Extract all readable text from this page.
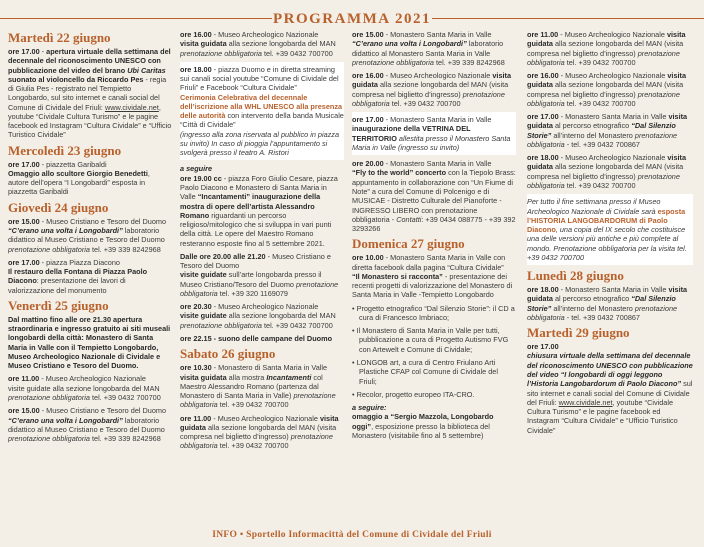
PROGRAMMA 2021
Martedì 22 giugno
ore 17.00 - apertura virtuale della settimana del decennale del riconoscimento UNESCO con pubblicazione del video del brano Ubi Caritas suonato al violoncello da Riccardo Pes - regia di Giulia Pes - registrato nel Tempietto Longobardo, sul sito internet e canali social del Comune di Cividale del Friuli: www.cividale.net, youtube “Cividale Cultura Turismo” e le pagine facebook ed Instagram “Cultura Cividale” e “Ufficio Turistico Cividale”
Mercoledì 23 giugno
ore 17.00 - piazzetta Garibaldi
Omaggio allo scultore Giorgio Benedetti, autore dell’opera “I Longobardi” esposta in piazzetta Garibaldi
Giovedì 24 giugno
ore 15.00 - Museo Cristiano e Tesoro del Duomo
“C’erano una volta i Longobardi” laboratorio didattico al Museo Cristiano e Tesoro del Duomo prenotazione obbligatoria tel. +39 339 8242968
ore 17.00 - piazza Piazza Diacono
Il restauro della Fontana di Piazza Paolo Diacono: presentazione dei lavori di valorizzazione del monumento
Venerdì 25 giugno
Dal mattino fino alle ore 21.30 apertura straordinaria e ingresso gratuito ai siti museali longobardi della città: Monastero di Santa Maria in Valle con il Tempietto Longobardo, Museo Archeologico Nazionale di Cividale e Museo Cristiano e Tesoro del Duomo.
ore 11.00 - Museo Archeologico Nazionale
visite guidate alla sezione longobarda del MAN prenotazione obbligatoria tel. +39 0432 700700
ore 15.00 - Museo Cristiano e Tesoro del Duomo
“C’erano una volta i Longobardi” laboratorio didattico al Museo Cristiano e Tesoro del Duomo prenotazione obbligatoria tel. +39 339 8242968
ore 16.00 - Museo Archeologico Nazionale
visita guidata alla sezione longobarda del MAN prenotazione obbligatoria tel. +39 0432 700700
ore 18.00 - piazza Duomo e in diretta streaming sui canali social youtube “Comune di Cividale del Friuli” e Facebook “Cultura Cividale”
Cerimonia Celebrativa del decennale dell’iscrizione alla WHL UNESCO alla presenza delle autorità con intervento della banda Musicale “Città di Cividale”
(ingresso alla zona riservata al pubblico in piazza su invito) In caso di pioggia l’appuntamento si svolgerà presso il teatro A. Ristori
a seguire
ore 19.00 cc - piazza Foro Giulio Cesare, piazza Paolo Diacono e Monastero di Santa Maria in Valle “Incantamenti” inaugurazione della mostra di opere dell’artista Alessandro Romano riguardanti un percorso religioso/mitologico che si sviluppa in vari punti della città. Le opere del Maestro Romano resteranno esposte fino al 5 settembre 2021.
Dalle ore 20.00 alle 21.20 - Museo Cristiano e Tesoro del Duomo
visite guidate sull’arte longobarda presso il Museo Cristiano/Tesoro del Duomo prenotazione obbligatoria tel. +39 320 1169079
ore 20.30 - Museo Archeologico Nazionale
visite guidate alla sezione longobarda del MAN prenotazione obbligatoria tel. +39 0432 700700
ore 22.15 - suono delle campane del Duomo
Sabato 26 giugno
ore 10.30 - Monastero di Santa Maria in Valle visita guidata alla mostra Incantamenti col Maestro Alessandro Romano (partenza dal Monastero di Santa Maria in Valle) prenotazione obbligatoria tel. +39 0432 700700
ore 11.00 - Museo Archeologico Nazionale visita guidata alla sezione longobarda del MAN (visita compresa nel biglietto d’ingresso) prenotazione obbligatoria tel. +39 0432 700700
ore 15.00 - Monastero Santa Maria in Valle
“C’erano una volta i Longobardi” laboratorio didattico al Monastero Santa Maria in Valle prenotazione obbligatoria tel. +39 339 8242968
ore 16.00 - Museo Archeologico Nazionale visita guidata alla sezione longobarda del MAN (visita compresa nel biglietto d’ingresso) prenotazione obbligatoria tel. +39 0432 700700
ore 17.00 - Monastero Santa Maria in Valle
inaugurazione della VETRINA DEL TERRITORIO allestita presso il Monastero Santa Maria in Valle (ingresso su invito)
ore 20.00 - Monastero Santa Maria in Valle
“Fly to the world” concerto con la Tiepolo Brass: appuntamento in collaborazione con “Un Fiume di Note” a cura del Comune di Polcenigo e di MUSICAE - Distretto Culturale del Pianoforte - INGRESSO LIBERO con prenotazione obbligatoria - Contatti: +39 0434 088775 - +39 392 3293266
Domenica 27 giugno
ore 10.00 - Monastero Santa Maria in Valle con diretta facebook dalla pagina “Cultura Cividale”
“Il Monastero si racconta” - presentazione dei recenti progetti di valorizzazione del Monastero di Santa Maria in Valle -Tempietto Longobardo
• Progetto etnografico “Dal Silenzio Storie”: il CD a cura di Francesco Imbriaco;
• Il Monastero di Santa Maria in Valle per tutti, pubblicazione a cura di Progetto Autismo FVG con Artewelt e Comune di Cividale;
• LONGOB art, a cura di Centro Friulano Arti Plastiche CFAP col Comune di Cividale del Friuli;
• Recolor, progetto europeo ITA-CRO.
a seguire:
omaggio a “Sergio Mazzola, Longobardo oggi”, esposizione presso la biblioteca del Monastero (visitabile fino al 5 settembre)
ore 11.00 - Museo Archeologico Nazionale visita guidata alla sezione longobarda del MAN (visita compresa nel biglietto d’ingresso) prenotazione obbligatoria tel. +39 0432 700700
ore 16.00 - Museo Archeologico Nazionale visita guidata alla sezione longobarda del MAN (visita compresa nel biglietto d’ingresso) prenotazione obbligatoria tel. +39 0432 700700
ore 17.00 - Monastero Santa Maria in Valle visita guidata al percorso etnografico “Dal Silenzio Storie” all’interno del Monastero prenotazione obbligatoria - tel. +39 0432 700867
ore 18.00 - Museo Archeologico Nazionale visita guidata alla sezione longobarda del MAN (visita compresa nel biglietto d’ingresso) prenotazione obbligatoria tel. +39 0432 700700
Per tutto il fine settimana presso il Museo Archeologico Nazionale di Cividale sarà esposta l’HISTORIA LANGOBARDORUM di Paolo Diacono, una copia del IX secolo che costituisce una delle versioni più antiche e più complete al mondo. Prenotazione obbligatoria per la visita tel. +39 0432 700700
Lunedì 28 giugno
ore 18.00 - Monastero Santa Maria in Valle visita guidata al percorso etnografico “Dal Silenzio Storie” all’interno del Monastero prenotazione obbligatoria - tel. +39 0432 700867
Martedì 29 giugno
ore 17.00
chiusura virtuale della settimana del decennale del riconoscimento UNESCO con pubblicazione del video “I longobardi di oggi leggono l’Historia Langobardorum di Paolo Diacono” sul sito internet e canali social del Comune di Cividale del Friuli: www.cividale.net, youtube “Cividale Cultura Turismo” e le pagine facebook ed Instagram “Cultura Cividale” e “Ufficio Turistico Cividale”
INFO • Sportello Informacittà del Comune di Cividale del Friuli
